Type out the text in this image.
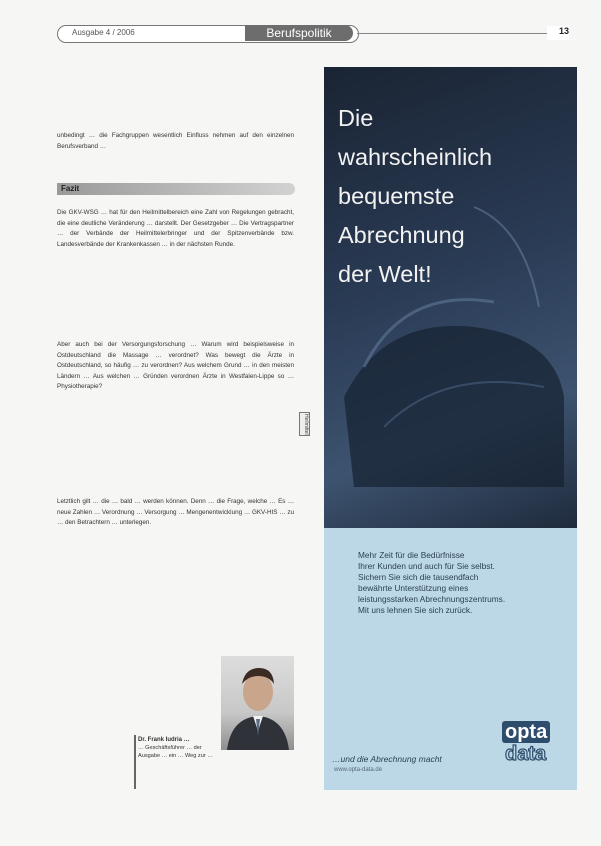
Ausgabe 4 / 2006	Berufspolitik	13

unbedingt … die Fachgruppen wesentlich Einfluss nehmen auf den einzelnen Berufsverband …

Fazit

Die GKV-WSG … hat für den Heilmittelbereich eine Zahl von Regelungen gebracht, die eine deutliche Veränderung … darstellt. Der Gesetzgeber … Die Vertragspartner … der Verbände der Heilmittelerbringer und der Spitzenverbände bzw. Landesverbände der Krankenkassen … in der nächsten Runde.

Aber auch bei der Versorgungsforschung … Warum wird beispielsweise in Ostdeutschland die Massage … verordnet? Was bewegt die Ärzte in Ostdeutschland, so häufig … zu verordnen? Aus welchem Grund … in den meisten Ländern … Aus welchen … Gründen verordnen Ärzte in Westfalen-Lippe so … Physiotherapie?

Letztlich gilt … die … bald … werden können. Denn … die Frage, welche … Es … neue Zahlen … Verordnung … Versorgung … Mengenentwicklung … GKV-HIS … zu … den Betrachtern … unterlegen.

Heilmittel
Dr. Frank Iudria …
… Geschäftsführer … der Ausgabe … ein … Weg zur …
Die
wahrscheinlich
bequemste
Abrechnung
der Welt!
Mehr Zeit für die Bedürfnisse
Ihrer Kunden und auch für Sie selbst.
Sichern Sie sich die tausendfach
bewährte Unterstützung eines
leistungsstarken Abrechnungszentrums.
Mit uns lehnen Sie sich zurück.
opta
data
…und die Abrechnung macht
www.opta-data.de
